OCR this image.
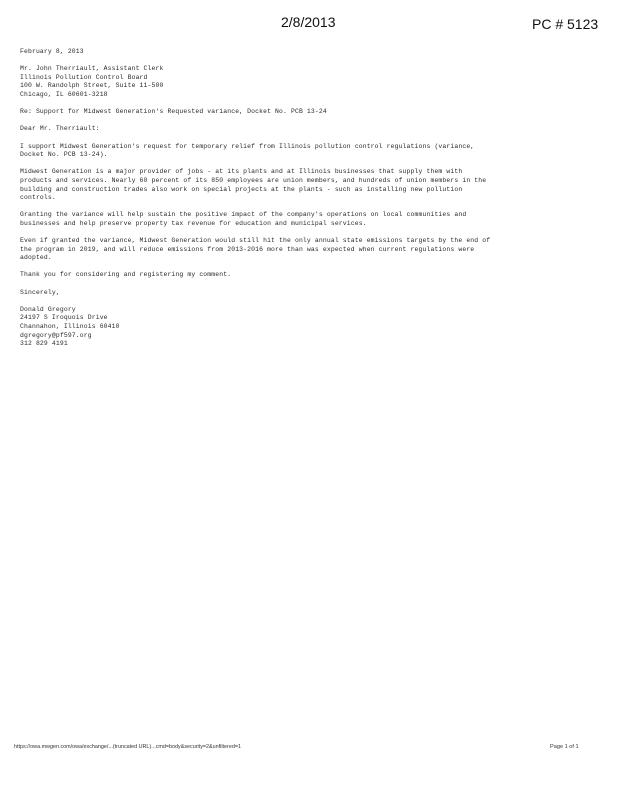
2/8/2013	PC # 5123
February 8, 2013
Mr. John Therriault, Assistant Clerk
Illinois Pollution Control Board
100 W. Randolph Street, Suite 11-500
Chicago, IL 60601-3218
Re: Support for Midwest Generation's Requested variance, Docket No. PCB 13-24
Dear Mr. Therriault:
I support Midwest Generation's request for temporary relief from Illinois pollution control regulations (variance,
Docket No. PCB 13-24).
Midwest Generation is a major provider of jobs - at its plants and at Illinois businesses that supply them with
products and services. Nearly 60 percent of its 850 employees are union members, and hundreds of union members in the
building and construction trades also work on special projects at the plants - such as installing new pollution
controls.
Granting the variance will help sustain the positive impact of the company's operations on local communities and
businesses and help preserve property tax revenue for education and municipal services.
Even if granted the variance, Midwest Generation would still hit the only annual state emissions targets by the end of
the program in 2019, and will reduce emissions from 2013-2016 more than was expected when current regulations were
adopted.
Thank you for considering and registering my comment.
Sincerely,
Donald Gregory
24197 S Iroquois Drive
Channahon, Illinois 60410
dgregory@pf597.org
312 829 4191
https://owa.mwgen.com/owa/exchange/...(truncated URL)...cmd=body&security=2&unfiltered=1	Page 1 of 1
